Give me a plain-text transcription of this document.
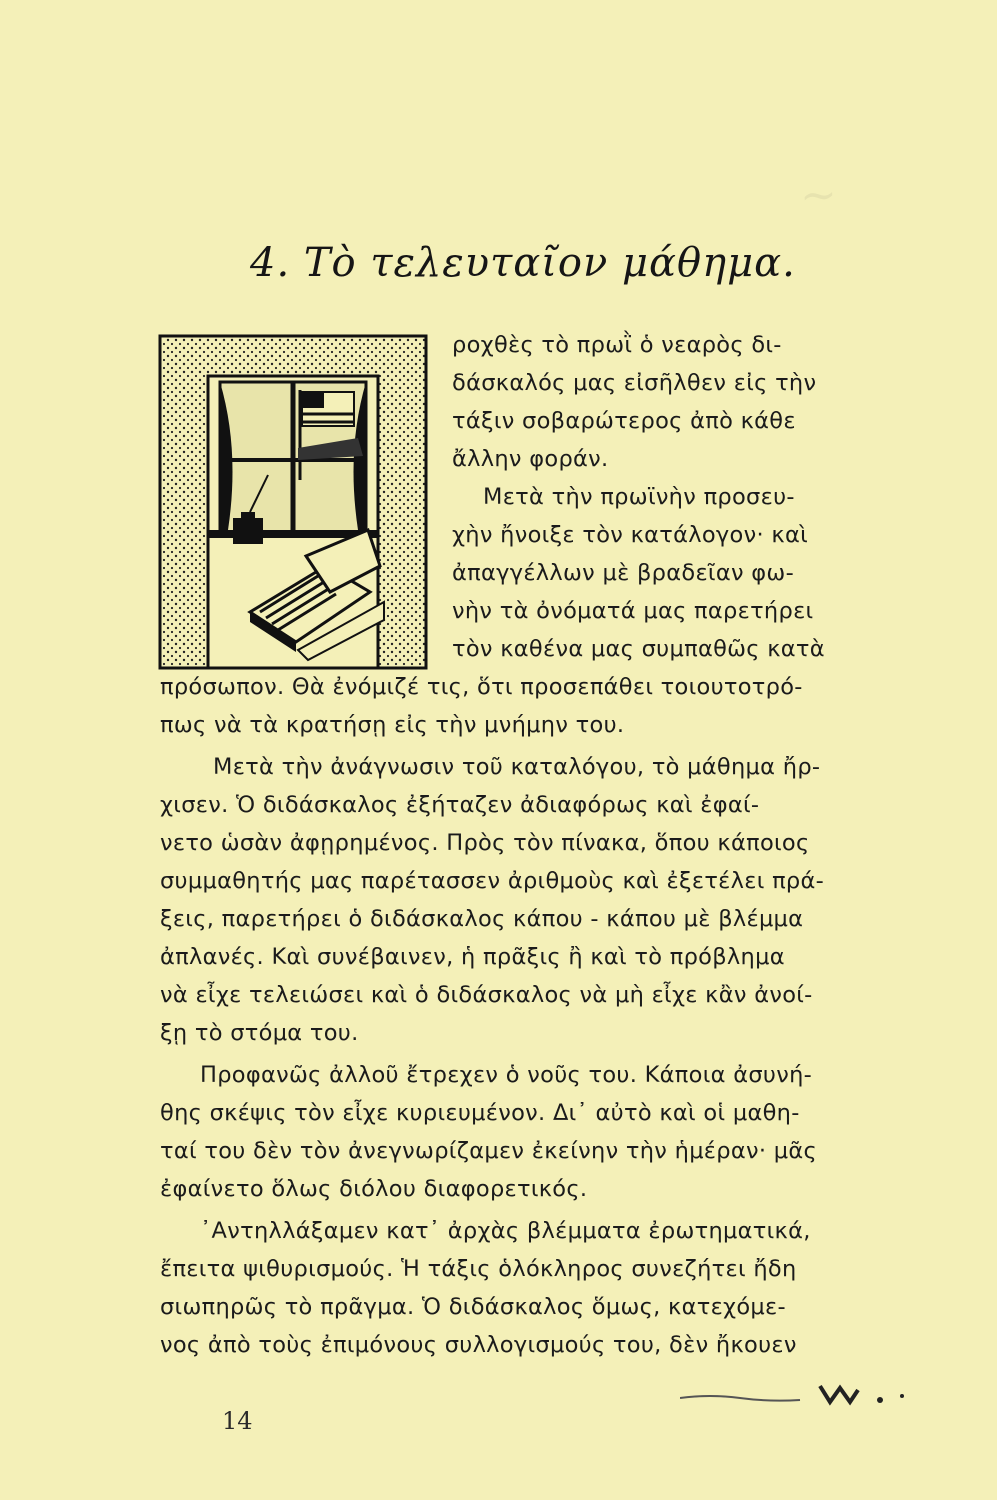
~
4. Τὸ τελευταῖον μάθημα.
ροχθὲς τὸ πρωῒ ὁ νεαρὸς δι-
δάσκαλός μας εἰσῆλθεν εἰς τὴν
τάξιν σοβαρώτερος ἀπὸ κάθε
ἄλλην φοράν.
Μετὰ τὴν πρωϊνὴν προσευ-
χὴν ἤνοιξε τὸν κατάλογον· καὶ
ἀπαγγέλλων μὲ βραδεῖαν φω-
νὴν τὰ ὀνόματά μας παρετήρει
τὸν καθένα μας συμπαθῶς κατὰ
πρόσωπον. Θὰ ἐνόμιζέ τις, ὅτι προσεπάθει τοιουτοτρό-
πως νὰ τὰ κρατήσῃ εἰς τὴν μνήμην του.
Μετὰ τὴν ἀνάγνωσιν τοῦ καταλόγου, τὸ μάθημα ἤρ-
χισεν. Ὁ διδάσκαλος ἐξήταζεν ἀδιαφόρως καὶ ἐφαί-
νετο ὡσὰν ἀφῃρημένος. Πρὸς τὸν πίνακα, ὅπου κάποιος
συμμαθητής μας παρέτασσεν ἀριθμοὺς καὶ ἐξετέλει πρά-
ξεις, παρετήρει ὁ διδάσκαλος κάπου - κάπου μὲ βλέμμα
ἀπλανές. Καὶ συνέβαινεν, ἡ πρᾶξις ἢ καὶ τὸ πρόβλημα
νὰ εἶχε τελειώσει καὶ ὁ διδάσκαλος νὰ μὴ εἶχε κἂν ἀνοί-
ξῃ τὸ στόμα του.
Προφανῶς ἀλλοῦ ἔτρεχεν ὁ νοῦς του. Κάποια ἀσυνή-
θης σκέψις τὸν εἶχε κυριευμένον. Δι᾽ αὐτὸ καὶ οἱ μαθη-
ταί του δὲν τὸν ἀνεγνωρίζαμεν ἐκείνην τὴν ἡμέραν· μᾶς
ἐφαίνετο ὅλως διόλου διαφορετικός.
᾽Αντηλλάξαμεν κατ᾽ ἀρχὰς βλέμματα ἐρωτηματικά,
ἔπειτα ψιθυρισμούς. Ἡ τάξις ὁλόκληρος συνεζήτει ἤδη
σιωπηρῶς τὸ πρᾶγμα. Ὁ διδάσκαλος ὅμως, κατεχόμε-
νος ἀπὸ τοὺς ἐπιμόνους συλλογισμούς του, δὲν ἤκουεν
14
